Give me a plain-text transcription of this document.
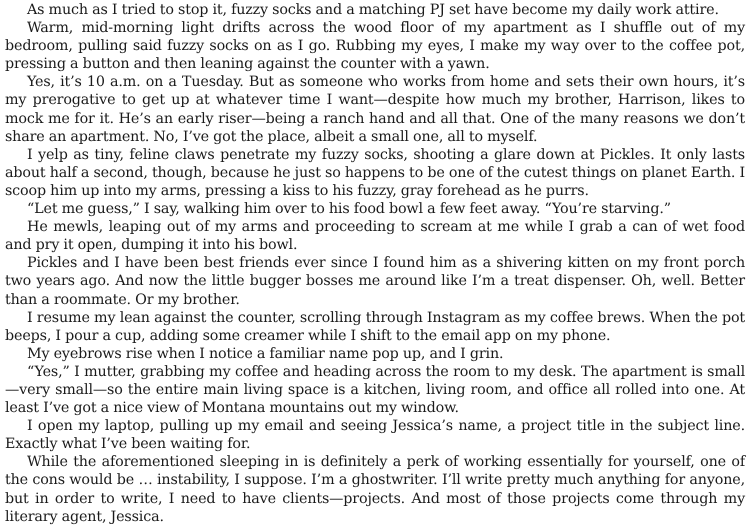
As much as I tried to stop it, fuzzy socks and a matching PJ set have become my daily work attire.

Warm, mid-morning light drifts across the wood floor of my apartment as I shuffle out of my bedroom, pulling said fuzzy socks on as I go. Rubbing my eyes, I make my way over to the coffee pot, pressing a button and then leaning against the counter with a yawn.

Yes, it’s 10 a.m. on a Tuesday. But as someone who works from home and sets their own hours, it’s my prerogative to get up at whatever time I want—despite how much my brother, Harrison, likes to mock me for it. He’s an early riser—being a ranch hand and all that. One of the many reasons we don’t share an apartment. No, I’ve got the place, albeit a small one, all to myself.

I yelp as tiny, feline claws penetrate my fuzzy socks, shooting a glare down at Pickles. It only lasts about half a second, though, because he just so happens to be one of the cutest things on planet Earth. I scoop him up into my arms, pressing a kiss to his fuzzy, gray forehead as he purrs.

“Let me guess,” I say, walking him over to his food bowl a few feet away. “You’re starving.”

He mewls, leaping out of my arms and proceeding to scream at me while I grab a can of wet food and pry it open, dumping it into his bowl.

Pickles and I have been best friends ever since I found him as a shivering kitten on my front porch two years ago. And now the little bugger bosses me around like I’m a treat dispenser. Oh, well. Better than a roommate. Or my brother.

I resume my lean against the counter, scrolling through Instagram as my coffee brews. When the pot beeps, I pour a cup, adding some creamer while I shift to the email app on my phone.

My eyebrows rise when I notice a familiar name pop up, and I grin.

“Yes,” I mutter, grabbing my coffee and heading across the room to my desk. The apartment is small—very small—so the entire main living space is a kitchen, living room, and office all rolled into one. At least I’ve got a nice view of Montana mountains out my window.

I open my laptop, pulling up my email and seeing Jessica’s name, a project title in the subject line. Exactly what I’ve been waiting for.

While the aforementioned sleeping in is definitely a perk of working essentially for yourself, one of the cons would be … instability, I suppose. I’m a ghostwriter. I’ll write pretty much anything for anyone, but in order to write, I need to have clients—projects. And most of those projects come through my literary agent, Jessica.
